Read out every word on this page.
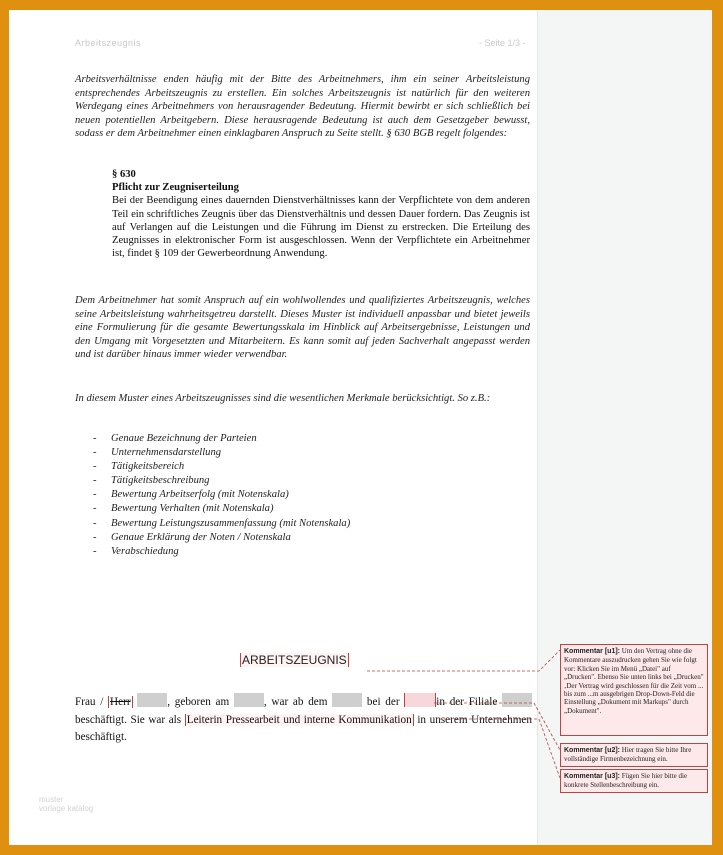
Arbeitszeugnis	- Seite 1/3 -

Arbeitsverhältnisse enden häufig mit der Bitte des Arbeitnehmers, ihm ein seiner Arbeitsleistung entsprechendes Arbeitszeugnis zu erstellen. Ein solches Arbeitszeugnis ist natürlich für den weiteren Werdegang eines Arbeitnehmers von herausragender Bedeutung. Hiermit bewirbt er sich schließlich bei neuen potentiellen Arbeitgebern. Diese herausragende Bedeutung ist auch dem Gesetzgeber bewusst, sodass er dem Arbeitnehmer einen einklagbaren Anspruch zu Seite stellt. § 630 BGB regelt folgendes:

§ 630
Pflicht zur Zeugniserteilung
Bei der Beendigung eines dauernden Dienstverhältnisses kann der Verpflichtete von dem anderen Teil ein schriftliches Zeugnis über das Dienstverhältnis und dessen Dauer fordern. Das Zeugnis ist auf Verlangen auf die Leistungen und die Führung im Dienst zu erstrecken. Die Erteilung des Zeugnisses in elektronischer Form ist ausgeschlossen. Wenn der Verpflichtete ein Arbeitnehmer ist, findet § 109 der Gewerbeordnung Anwendung.

Dem Arbeitnehmer hat somit Anspruch auf ein wohlwollendes und qualifiziertes Arbeitszeugnis, welches seine Arbeitsleistung wahrheitsgetreu darstellt. Dieses Muster ist individuell anpassbar und bietet jeweils eine Formulierung für die gesamte Bewertungsskala im Hinblick auf Arbeitsergebnisse, Leistungen und den Umgang mit Vorgesetzten und Mitarbeitern. Es kann somit auf jeden Sachverhalt angepasst werden und ist darüber hinaus immer wieder verwendbar.

In diesem Muster eines Arbeitszeugnisses sind die wesentlichen Merkmale berücksichtigt. So z.B.:

- Genaue Bezeichnung der Parteien
- Unternehmensdarstellung
- Tätigkeitsbereich
- Tätigkeitsbeschreibung
- Bewertung Arbeitserfolg (mit Notenskala)
- Bewertung Verhalten (mit Notenskala)
- Bewertung Leistungszusammenfassung (mit Notenskala)
- Genaue Erklärung der Noten / Notenskala
- Verabschiedung
ARBEITSZEUGNIS

Frau / Herr	, geboren am	, war ab dem	bei der	in der Filiale  beschäftigt. Sie war als Leiterin Pressearbeit und interne Kommunikation in unserem Unternehmen beschäftigt.

muster
vorlage katalog
Kommentar [u1]: Um den Vertrag ohne die Kommentare auszudrucken gehen Sie wie folgt vor: Klicken Sie im Menü „Datei" auf „Drucken". Ebenso Sie unten links bei „Drucken" ‚Der Vertrag wird geschlossen für die Zeit vom ... bis zum ...m ausgebrigen Drop-Down-Feld die Einstellung „Dokument mit Markups" durch „Dokument".
Kommentar [u2]: Hier tragen Sie bitte Ihre vollständige Firmenbezeichnung ein.
Kommentar [u3]: Fügen Sie hier bitte die konkrete Stellenbeschreibung ein.
